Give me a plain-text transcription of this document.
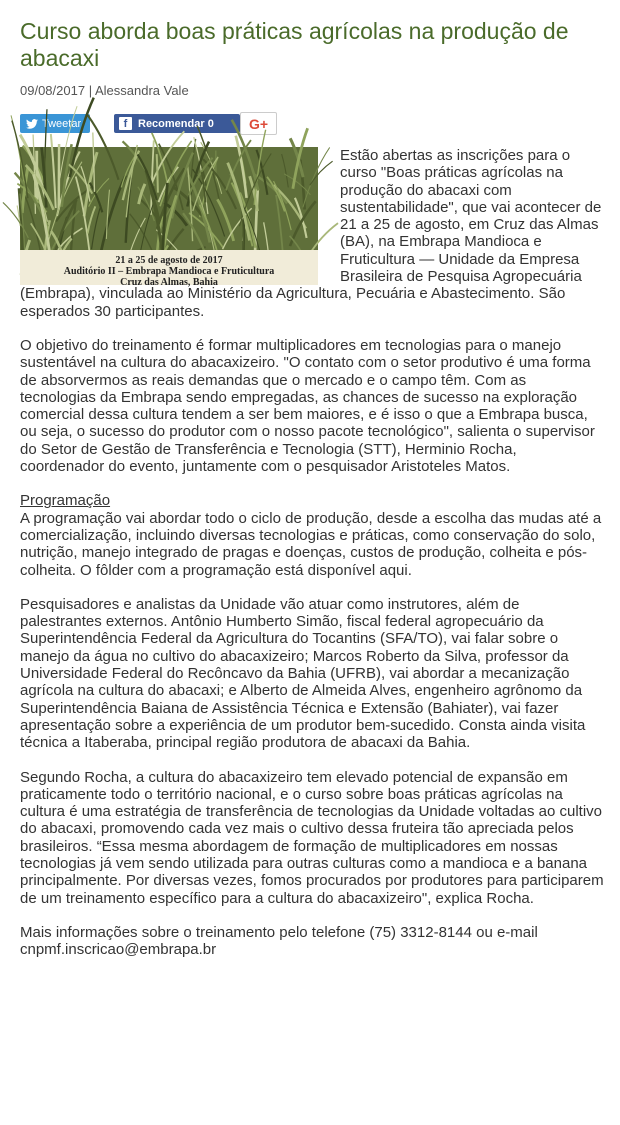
Curso aborda boas práticas agrícolas na produção de abacaxi
09/08/2017 | Alessandra Vale
Tweetar	f Recomendar
0	G+
21 a 25 de agosto de 2017
Auditório II – Embrapa Mandioca e Fruticultura
Cruz das Almas, Bahia

Estão abertas as inscrições para o curso "Boas práticas agrícolas na produção do abacaxi com sustentabilidade", que vai acontecer de 21 a 25 de agosto, em Cruz das Almas (BA), na Embrapa Mandioca e Fruticultura — Unidade da Empresa Brasileira de Pesquisa Agropecuária (Embrapa), vinculada ao Ministério da Agricultura, Pecuária e Abastecimento. São esperados 30 participantes.

O objetivo do treinamento é formar multiplicadores em tecnologias para o manejo sustentável na cultura do abacaxizeiro. "O contato com o setor produtivo é uma forma de absorvermos as reais demandas que o mercado e o campo têm. Com as tecnologias da Embrapa sendo empregadas, as chances de sucesso na exploração comercial dessa cultura tendem a ser bem maiores, e é isso o que a Embrapa busca, ou seja, o sucesso do produtor com o nosso pacote tecnológico", salienta o supervisor do Setor de Gestão de Transferência e Tecnologia (STT), Herminio Rocha, coordenador do evento, juntamente com o pesquisador Aristoteles Matos.

Programação
A programação vai abordar todo o ciclo de produção, desde a escolha das mudas até a comercialização, incluindo diversas tecnologias e práticas, como conservação do solo, nutrição, manejo integrado de pragas e doenças, custos de produção, colheita e pós-colheita. O fôlder com a programação está disponível aqui.

Pesquisadores e analistas da Unidade vão atuar como instrutores, além de palestrantes externos. Antônio Humberto Simão, fiscal federal agropecuário da Superintendência Federal da Agricultura do Tocantins (SFA/TO), vai falar sobre o manejo da água no cultivo do abacaxizeiro; Marcos Roberto da Silva, professor da Universidade Federal do Recôncavo da Bahia (UFRB), vai abordar a mecanização agrícola na cultura do abacaxi; e Alberto de Almeida Alves, engenheiro agrônomo da Superintendência Baiana de Assistência Técnica e Extensão (Bahiater), vai fazer apresentação sobre a experiência de um produtor bem-sucedido. Consta ainda visita técnica a Itaberaba, principal região produtora de abacaxi da Bahia.

Segundo Rocha, a cultura do abacaxizeiro tem elevado potencial de expansão em praticamente todo o território nacional, e o curso sobre boas práticas agrícolas na cultura é uma estratégia de transferência de tecnologias da Unidade voltadas ao cultivo do abacaxi, promovendo cada vez mais o cultivo dessa fruteira tão apreciada pelos brasileiros. “Essa mesma abordagem de formação de multiplicadores em nossas tecnologias já vem sendo utilizada para outras culturas como a mandioca e a banana principalmente. Por diversas vezes, fomos procurados por produtores para participarem de um treinamento específico para a cultura do abacaxizeiro", explica Rocha.

Mais informações sobre o treinamento pelo telefone (75) 3312-8144 ou e-mail cnpmf.inscricao@embrapa.br
